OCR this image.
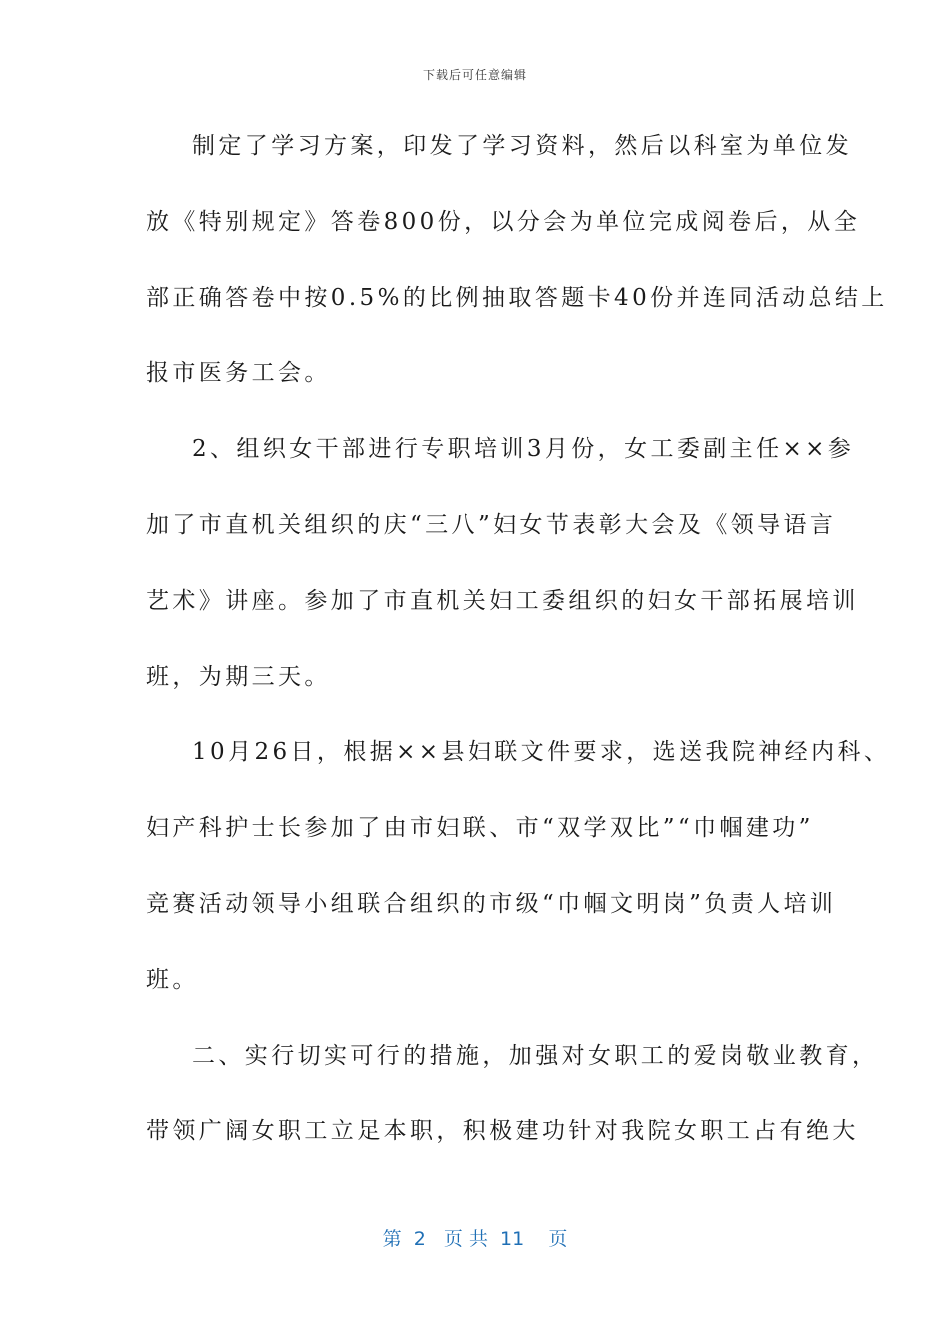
下载后可任意编辑
制定了学习方案，印发了学习资料，然后以科室为单位发
放《特别规定》答卷800份，以分会为单位完成阅卷后，从全
部正确答卷中按0.5%的比例抽取答题卡40份并连同活动总结上
报市医务工会。
2、组织女干部进行专职培训3月份，女工委副主任××参
加了市直机关组织的庆“三八”妇女节表彰大会及《领导语言
艺术》讲座。参加了市直机关妇工委组织的妇女干部拓展培训
班，为期三天。
10月26日，根据××县妇联文件要求，选送我院神经内科、
妇产科护士长参加了由市妇联、市“双学双比”“巾帼建功”
竞赛活动领导小组联合组织的市级“巾帼文明岗”负责人培训
班。
二、实行切实可行的措施，加强对女职工的爱岗敬业教育，
带领广阔女职工立足本职，积极建功针对我院女职工占有绝大
第  2   页 共  11    页
